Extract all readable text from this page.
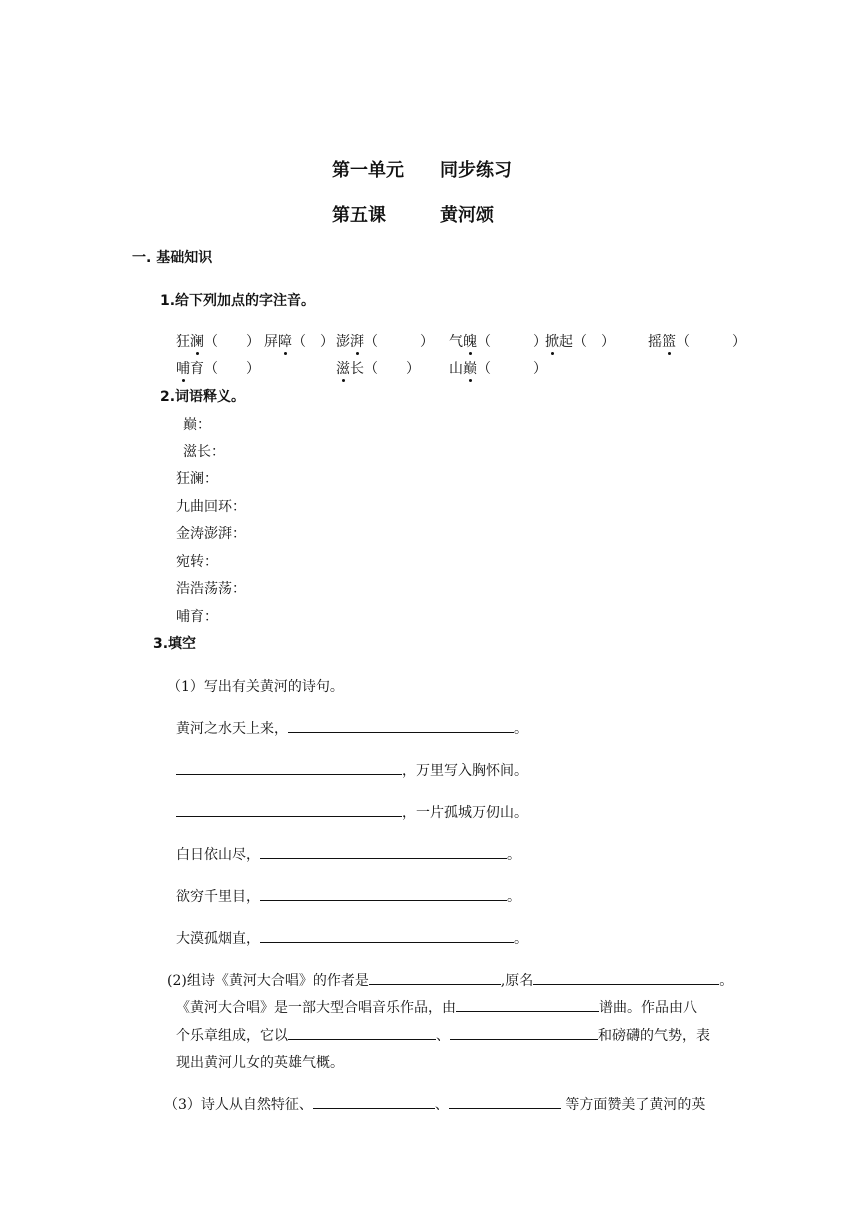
第一单元　　同步练习
第五课　　　黄河颂
一. 基础知识
1.给下列加点的字注音。
狂澜（　　） 屏障（　） 澎湃（　　　） 气魄（　　　）
掀起（　） 摇篮（　　　）
哺育（　　）	滋长（　　） 山巅（　　　）
2.词语释义。
巅：
滋长：
狂澜：
九曲回环：
金涛澎湃：
宛转：
浩浩荡荡：
哺育：
3.填空
（1）写出有关黄河的诗句。
黄河之水天上来，	。
，万里写入胸怀间。
，一片孤城万仞山。
白日依山尽，	。
欲穷千里目，	。
大漠孤烟直，	。
(2)组诗《黄河大合唱》的作者是	,原名	。
《黄河大合唱》是一部大型合唱音乐作品，由	谱曲。作品由八
个乐章组成，它以	、	和磅礴的气势，表
现出黄河儿女的英雄气概。
（3）诗人从自然特征、	、	等方面赞美了黄河的英
